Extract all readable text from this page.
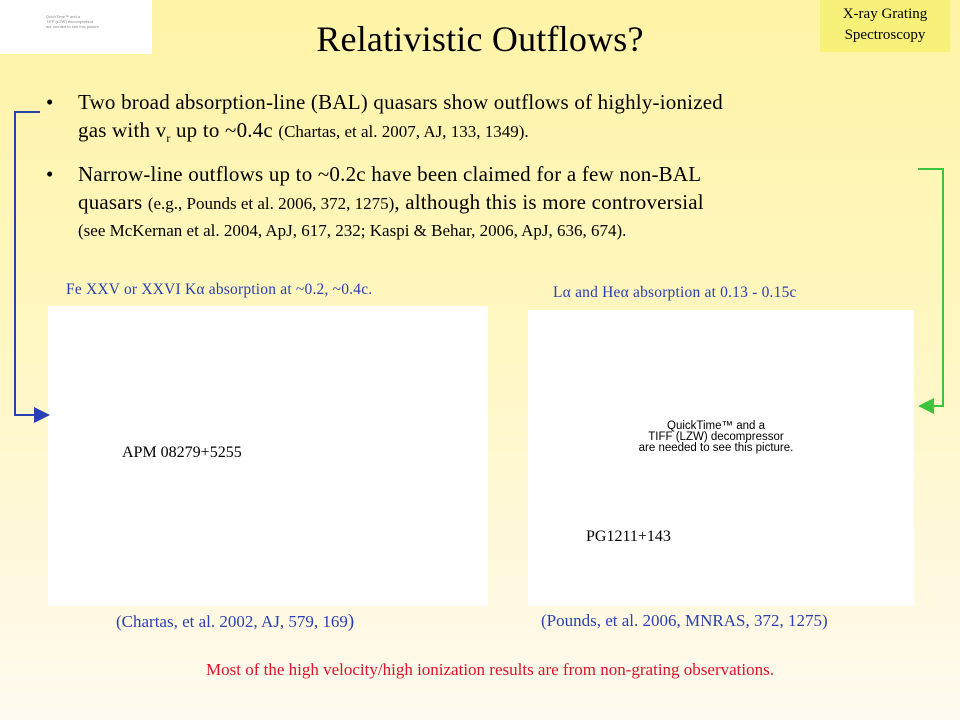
QuickTime™ and a
TIFF (LZW) decompressor
are needed to see this picture.
X-ray Grating
Spectroscopy
Relativistic Outflows?
• Two broad absorption-line (BAL) quasars show outflows of highly-ionized
gas with $v_r$ up to ~0.4c (Chartas, et al. 2007, AJ, 133, 1349).
• Narrow-line outflows up to ~0.2c have been claimed for a few non-BAL
quasars (e.g., Pounds et al. 2006, 372, 1275), although this is more controversial
(see McKernan et al. 2004, ApJ, 617, 232; Kaspi & Behar, 2006, ApJ, 636, 674).
Fe XXV or XXVI Kα absorption at ~0.2, ~0.4c.
APM 08279+5255
(Chartas, et al. 2002, AJ, 579, 169)
Lα and Heα absorption at 0.13 - 0.15c
QuickTime™ and a
TIFF (LZW) decompressor
are needed to see this picture.
PG1211+143
(Pounds, et al. 2006, MNRAS, 372, 1275)
Most of the high velocity/high ionization results are from non-grating observations.
